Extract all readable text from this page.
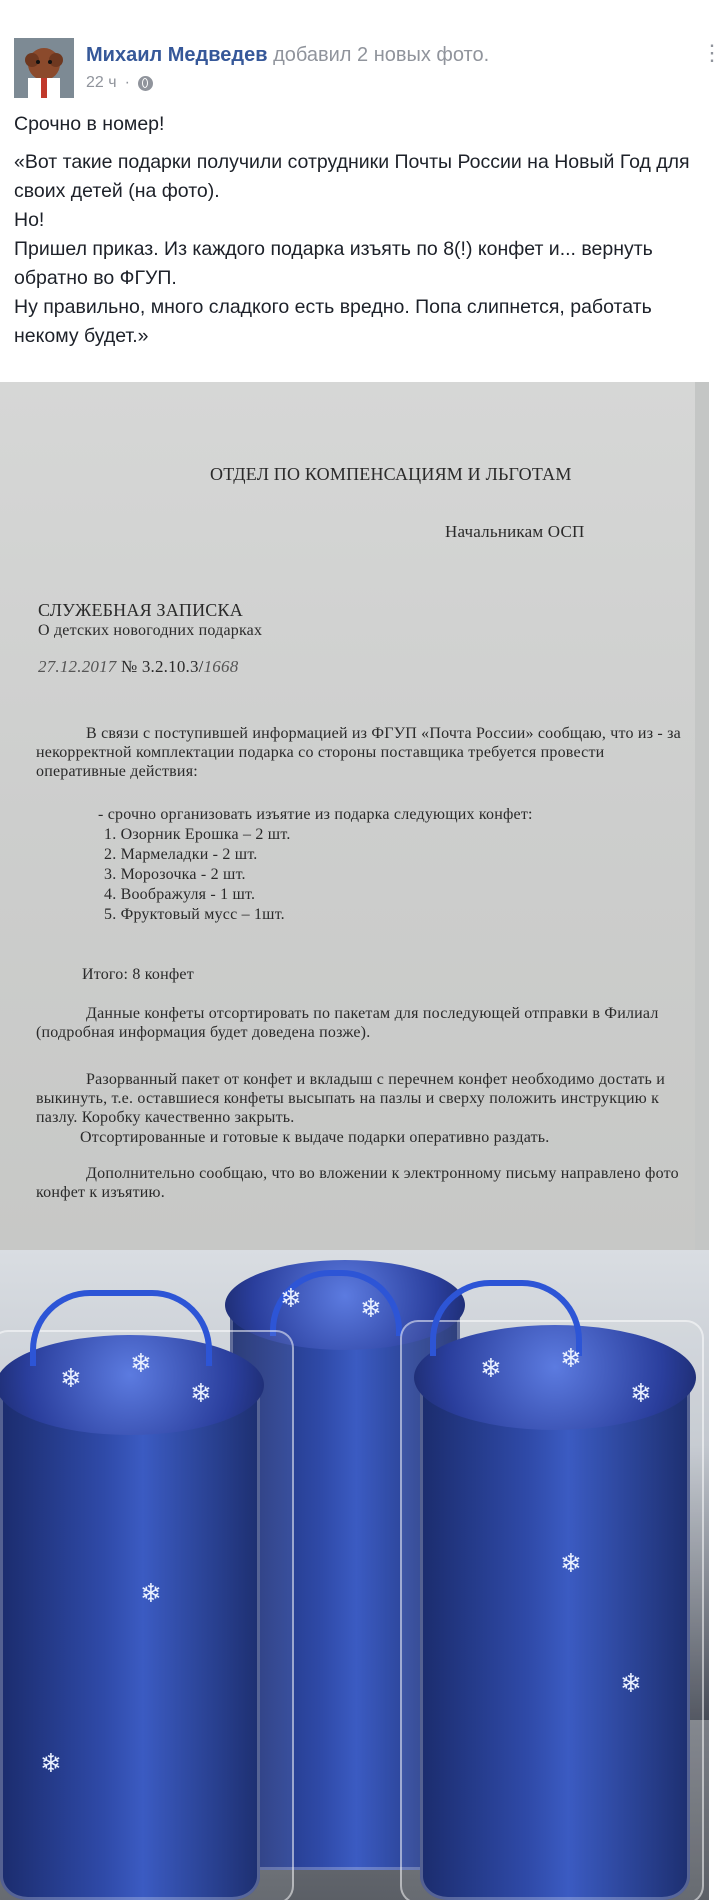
Михаил Медведев добавил 2 новых фото.
22 ч ·
⋮

Срочно в номер!

«Вот такие подарки получили сотрудники Почты России на Новый Год для своих детей (на фото).

Но!

Пришел приказ. Из каждого подарка изъять по 8(!) конфет и... вернуть обратно во ФГУП.

Ну правильно, много сладкого есть вредно. Попа слипнется, работать некому будет.»

ОТДЕЛ ПО КОМПЕНСАЦИЯМ И ЛЬГОТАМ
Начальникам ОСП
СЛУЖЕБНАЯ ЗАПИСКА
О детских новогодних подарках
27.12.2017 № 3.2.10.3/1668
В связи с поступившей информацией из ФГУП «Почта России» сообщаю, что из - за некорректной комплектации подарка со стороны поставщика требуется провести оперативные действия:
- срочно организовать изъятие из подарка следующих конфет:
1. Озорник Ерошка – 2 шт.
2. Мармеладки - 2 шт.
3. Морозочка - 2 шт.
4. Воображуля - 1 шт.
5. Фруктовый мусс – 1шт.
Итого: 8 конфет
Данные конфеты отсортировать по пакетам для последующей отправки в Филиал (подробная информация будет доведена позже).
Разорванный пакет от конфет и вкладыш с перечнем конфет необходимо достать и выкинуть, т.е. оставшиеся конфеты высыпать на пазлы и сверху положить инструкцию к пазлу. Коробку качественно закрыть.
Отсортированные и готовые к выдаче подарки оперативно раздать.
Дополнительно сообщаю, что во вложении к электронному письму направлено фото конфет к изъятию.
❄ ❄
❄
❄ ❄
❄ ❄
❄
❄
❄
❄
❄
